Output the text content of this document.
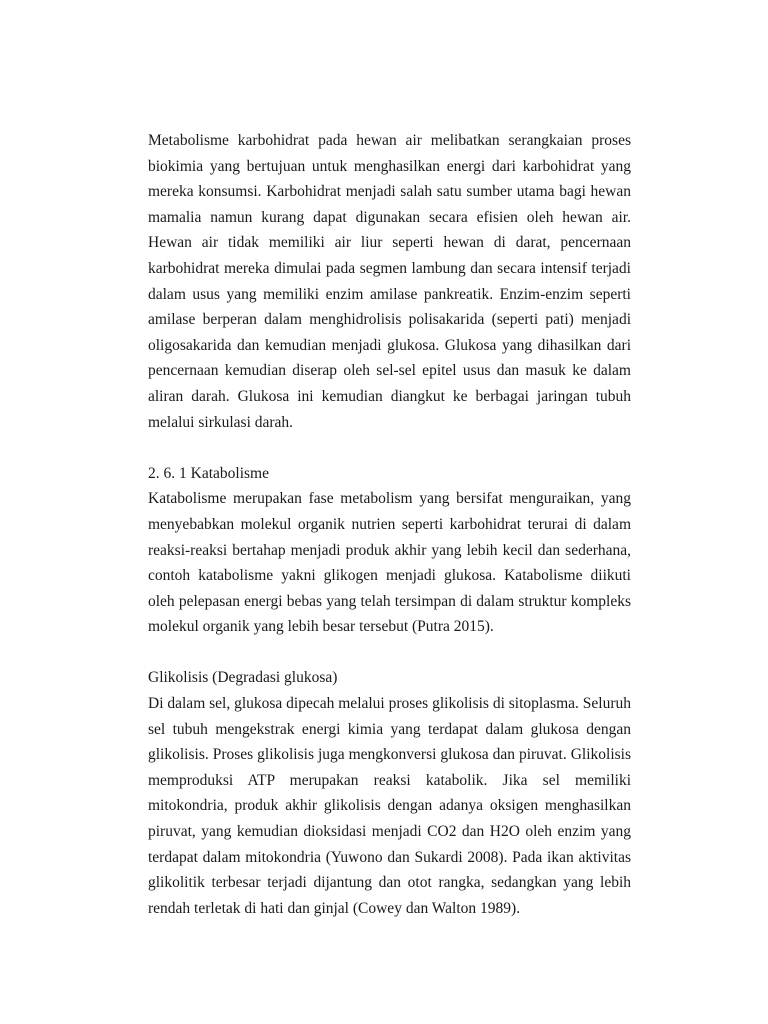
Metabolisme karbohidrat pada hewan air melibatkan serangkaian proses biokimia yang bertujuan untuk menghasilkan energi dari karbohidrat yang mereka konsumsi. Karbohidrat menjadi salah satu sumber utama bagi hewan mamalia namun kurang dapat digunakan secara efisien oleh hewan air. Hewan air tidak memiliki air liur seperti hewan di darat, pencernaan karbohidrat mereka dimulai pada segmen lambung dan secara intensif terjadi dalam usus yang memiliki enzim amilase pankreatik. Enzim-enzim seperti amilase berperan dalam menghidrolisis polisakarida (seperti pati) menjadi oligosakarida dan kemudian menjadi glukosa. Glukosa yang dihasilkan dari pencernaan kemudian diserap oleh sel-sel epitel usus dan masuk ke dalam aliran darah. Glukosa ini kemudian diangkut ke berbagai jaringan tubuh melalui sirkulasi darah.

2. 6. 1 Katabolisme

Katabolisme merupakan fase metabolism yang bersifat menguraikan, yang menyebabkan molekul organik nutrien seperti karbohidrat terurai di dalam reaksi-reaksi bertahap menjadi produk akhir yang lebih kecil dan sederhana, contoh katabolisme yakni glikogen menjadi glukosa. Katabolisme diikuti oleh pelepasan energi bebas yang telah tersimpan di dalam struktur kompleks molekul organik yang lebih besar tersebut (Putra 2015).

Glikolisis (Degradasi glukosa)

Di dalam sel, glukosa dipecah melalui proses glikolisis di sitoplasma. Seluruh sel tubuh mengekstrak energi kimia yang terdapat dalam glukosa dengan glikolisis. Proses glikolisis juga mengkonversi glukosa dan piruvat. Glikolisis memproduksi ATP merupakan reaksi katabolik. Jika sel memiliki mitokondria, produk akhir glikolisis dengan adanya oksigen menghasilkan piruvat, yang kemudian dioksidasi menjadi CO2 dan H2O oleh enzim yang terdapat dalam mitokondria (Yuwono dan Sukardi 2008). Pada ikan aktivitas glikolitik terbesar terjadi dijantung dan otot rangka, sedangkan yang lebih rendah terletak di hati dan ginjal (Cowey dan Walton 1989).
